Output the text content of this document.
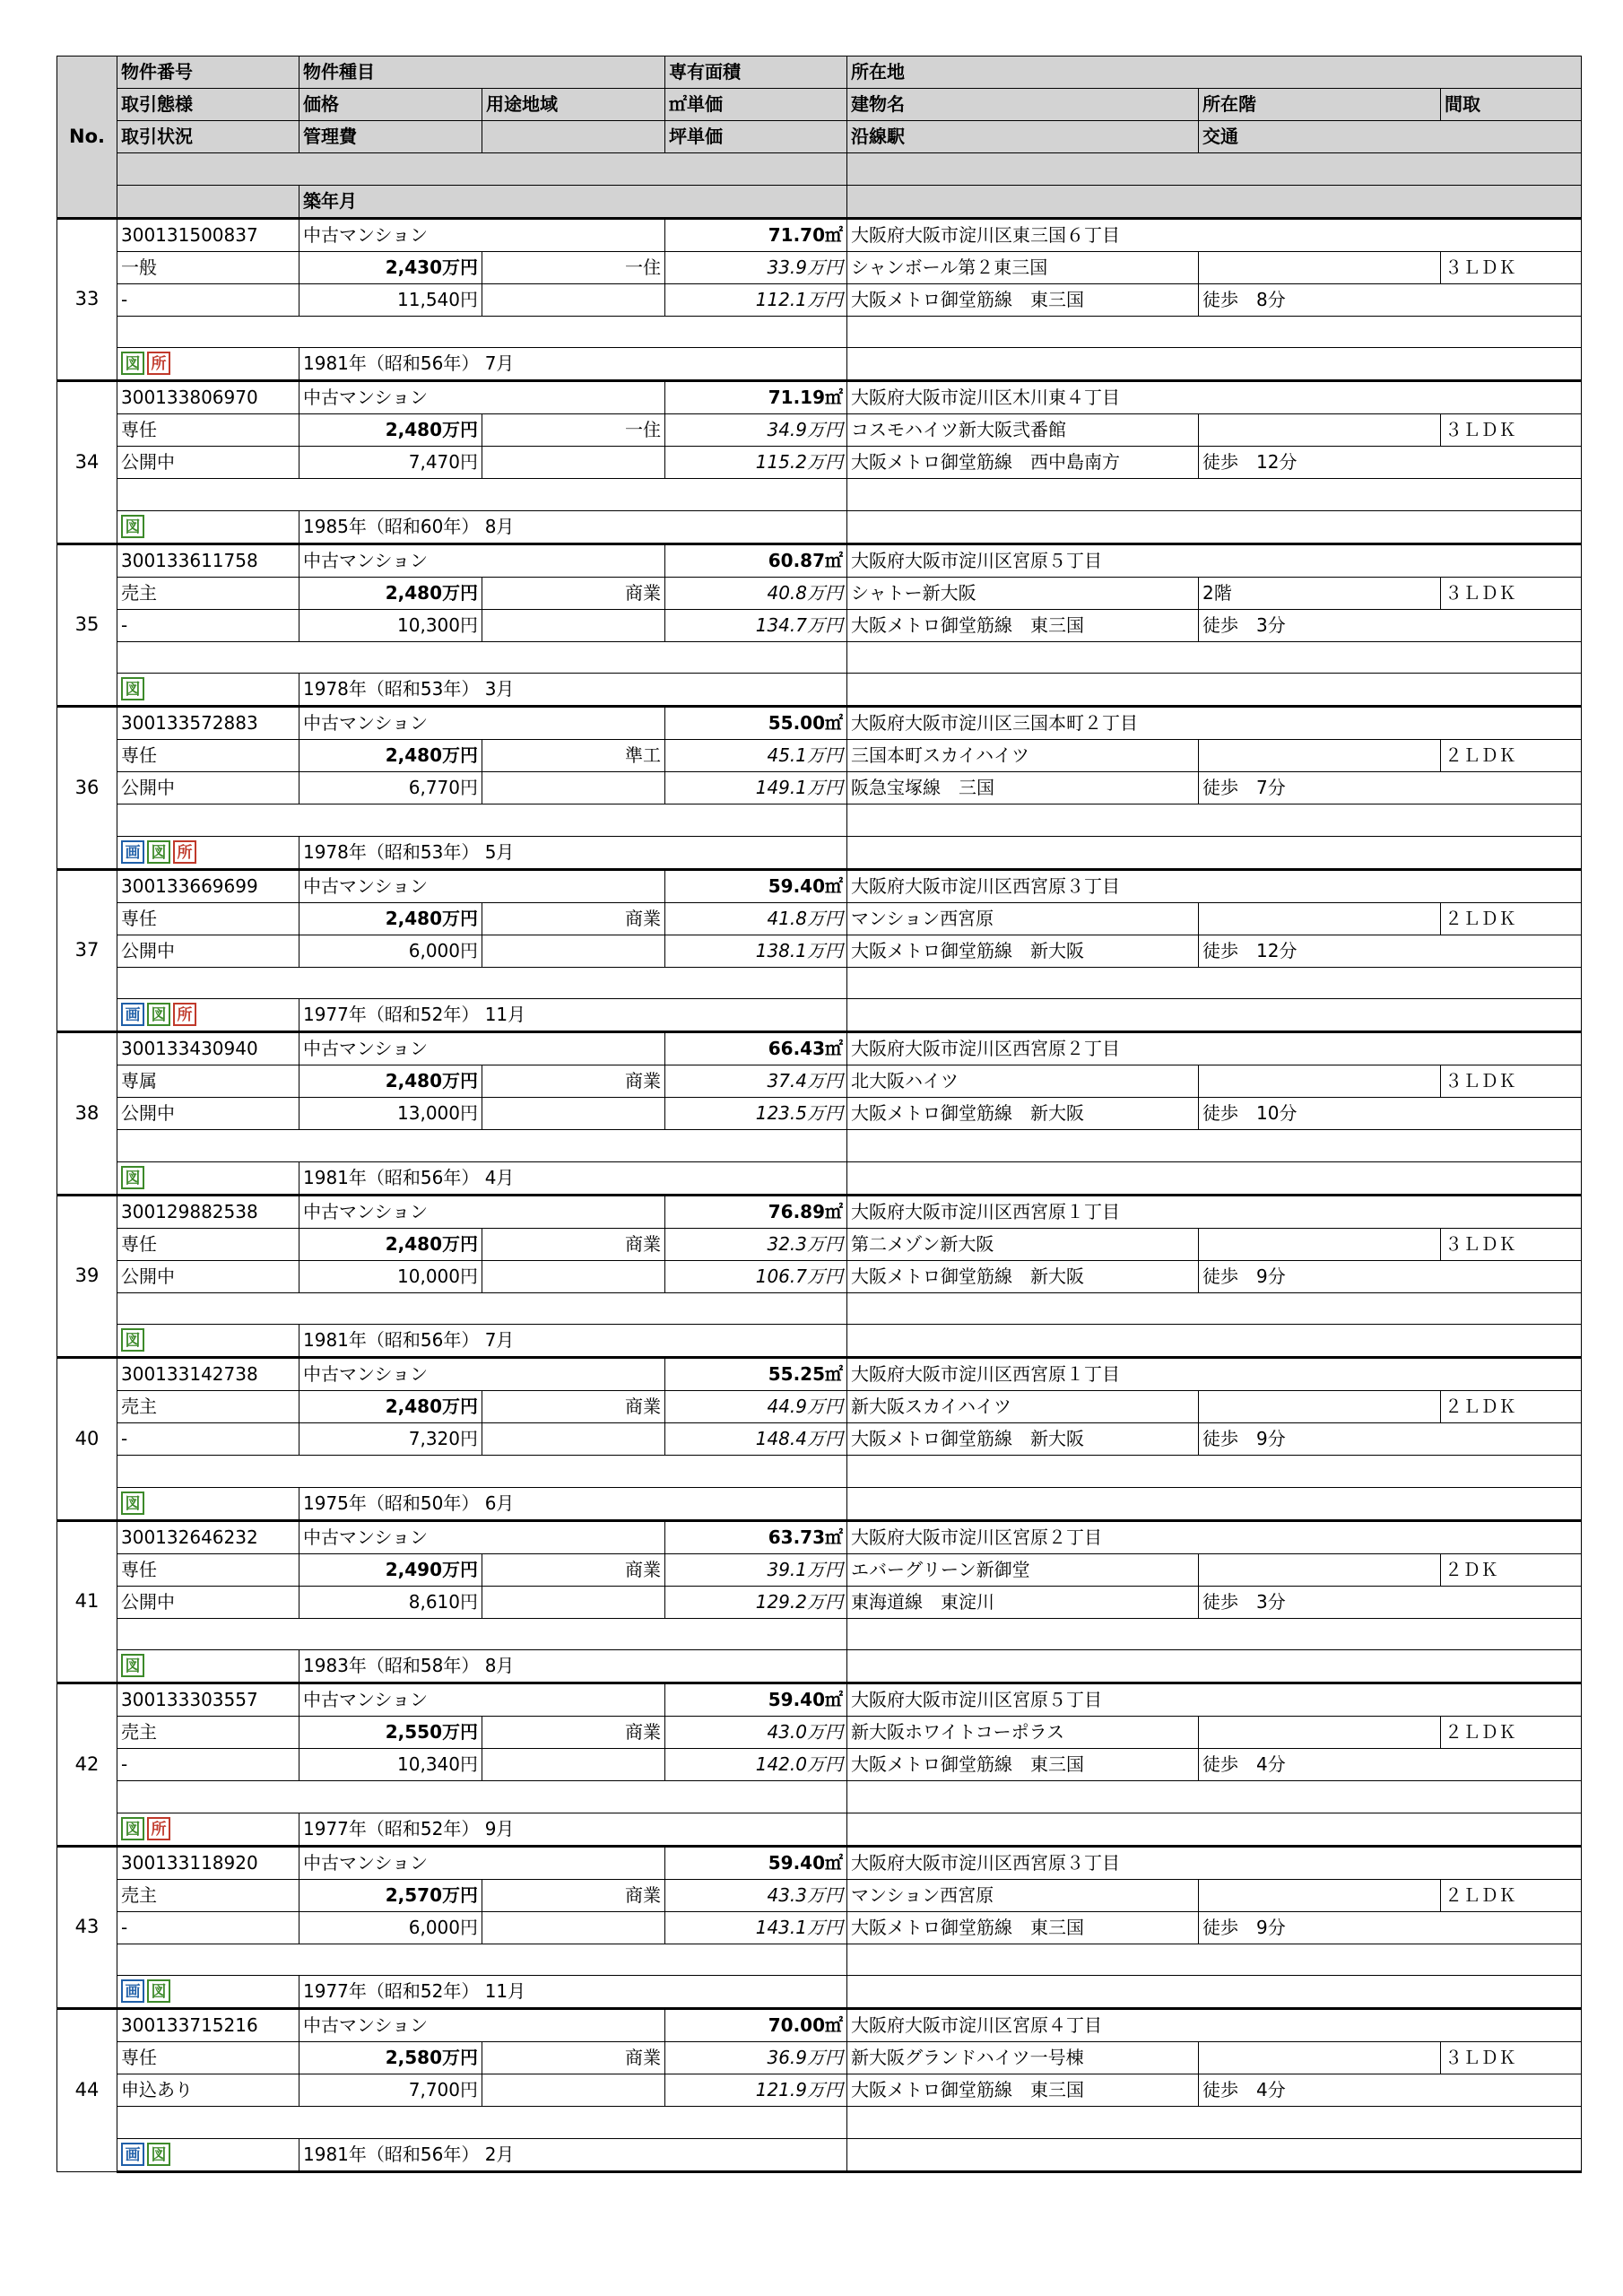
No.	物件番号	物件種目		専有面積	所在地		
	取引態様	価格	用途地域	㎡単価	建物名	所在階	間取
	取引状況	管理費		坪単価	沿線駅	交通	

		築年月					
33	300131500837	中古マンション		71.70㎡	大阪府大阪市淀川区東三国６丁目		
	一般	2,430万円	一住	33.9万円	シャンボール第２東三国		３ＬＤＫ
	-	11,540円		112.1万円	大阪メトロ御堂筋線　東三国	徒歩　8分	

	図 所	1981年（昭和56年） 7月					
34	300133806970	中古マンション		71.19㎡	大阪府大阪市淀川区木川東４丁目		
	専任	2,480万円	一住	34.9万円	コスモハイツ新大阪弐番館		３ＬＤＫ
	公開中	7,470円		115.2万円	大阪メトロ御堂筋線　西中島南方	徒歩　12分	

	図	1985年（昭和60年） 8月					
35	300133611758	中古マンション		60.87㎡	大阪府大阪市淀川区宮原５丁目		
	売主	2,480万円	商業	40.8万円	シャトー新大阪	2階	３ＬＤＫ
	-	10,300円		134.7万円	大阪メトロ御堂筋線　東三国	徒歩　3分	

	図	1978年（昭和53年） 3月					
36	300133572883	中古マンション		55.00㎡	大阪府大阪市淀川区三国本町２丁目		
	専任	2,480万円	準工	45.1万円	三国本町スカイハイツ		２ＬＤＫ
	公開中	6,770円		149.1万円	阪急宝塚線　三国	徒歩　7分	

	画 図 所	1978年（昭和53年） 5月					
37	300133669699	中古マンション		59.40㎡	大阪府大阪市淀川区西宮原３丁目		
	専任	2,480万円	商業	41.8万円	マンション西宮原		２ＬＤＫ
	公開中	6,000円		138.1万円	大阪メトロ御堂筋線　新大阪	徒歩　12分	

	画 図 所	1977年（昭和52年） 11月					
38	300133430940	中古マンション		66.43㎡	大阪府大阪市淀川区西宮原２丁目		
	専属	2,480万円	商業	37.4万円	北大阪ハイツ		３ＬＤＫ
	公開中	13,000円		123.5万円	大阪メトロ御堂筋線　新大阪	徒歩　10分	

	図	1981年（昭和56年） 4月					
39	300129882538	中古マンション		76.89㎡	大阪府大阪市淀川区西宮原１丁目		
	専任	2,480万円	商業	32.3万円	第二メゾン新大阪		３ＬＤＫ
	公開中	10,000円		106.7万円	大阪メトロ御堂筋線　新大阪	徒歩　9分	

	図	1981年（昭和56年） 7月					
40	300133142738	中古マンション		55.25㎡	大阪府大阪市淀川区西宮原１丁目		
	売主	2,480万円	商業	44.9万円	新大阪スカイハイツ		２ＬＤＫ
	-	7,320円		148.4万円	大阪メトロ御堂筋線　新大阪	徒歩　9分	

	図	1975年（昭和50年） 6月					
41	300132646232	中古マンション		63.73㎡	大阪府大阪市淀川区宮原２丁目		
	専任	2,490万円	商業	39.1万円	エバーグリーン新御堂		２ＤＫ
	公開中	8,610円		129.2万円	東海道線　東淀川	徒歩　3分	

	図	1983年（昭和58年） 8月					
42	300133303557	中古マンション		59.40㎡	大阪府大阪市淀川区宮原５丁目		
	売主	2,550万円	商業	43.0万円	新大阪ホワイトコーポラス		２ＬＤＫ
	-	10,340円		142.0万円	大阪メトロ御堂筋線　東三国	徒歩　4分	

	図 所	1977年（昭和52年） 9月					
43	300133118920	中古マンション		59.40㎡	大阪府大阪市淀川区西宮原３丁目		
	売主	2,570万円	商業	43.3万円	マンション西宮原		２ＬＤＫ
	-	6,000円		143.1万円	大阪メトロ御堂筋線　東三国	徒歩　9分	

	画 図	1977年（昭和52年） 11月					
44	300133715216	中古マンション		70.00㎡	大阪府大阪市淀川区宮原４丁目		
	専任	2,580万円	商業	36.9万円	新大阪グランドハイツ一号棟		３ＬＤＫ
	申込あり	7,700円		121.9万円	大阪メトロ御堂筋線　東三国	徒歩　4分	

	画 図	1981年（昭和56年） 2月					
